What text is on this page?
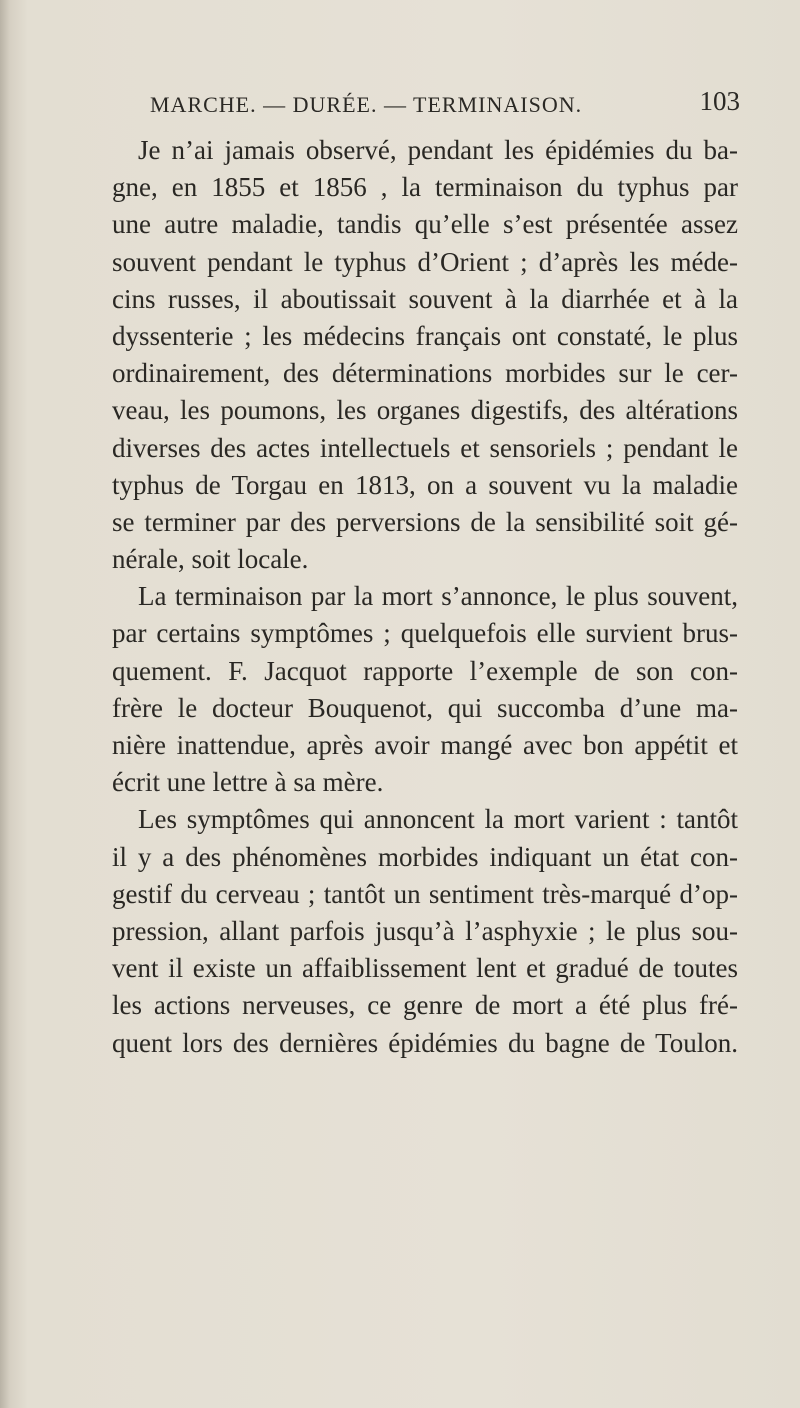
MARCHE. — DURÉE. — TERMINAISON.	103
Je n’ai jamais observé, pendant les épidémies du ba-
gne, en 1855 et 1856 , la terminaison du typhus par
une autre maladie, tandis qu’elle s’est présentée assez
souvent pendant le typhus d’Orient ; d’après les méde-
cins russes, il aboutissait souvent à la diarrhée et à la
dyssenterie ; les médecins français ont constaté, le plus
ordinairement, des déterminations morbides sur le cer-
veau, les poumons, les organes digestifs, des altérations
diverses des actes intellectuels et sensoriels ; pendant le
typhus de Torgau en 1813, on a souvent vu la maladie
se terminer par des perversions de la sensibilité soit gé-
nérale, soit locale.
La terminaison par la mort s’annonce, le plus souvent,
par certains symptômes ; quelquefois elle survient brus-
quement. F. Jacquot rapporte l’exemple de son con-
frère le docteur Bouquenot, qui succomba d’une ma-
nière inattendue, après avoir mangé avec bon appétit et
écrit une lettre à sa mère.
Les symptômes qui annoncent la mort varient : tantôt
il y a des phénomènes morbides indiquant un état con-
gestif du cerveau ; tantôt un sentiment très-marqué d’op-
pression, allant parfois jusqu’à l’asphyxie ; le plus sou-
vent il existe un affaiblissement lent et gradué de toutes
les actions nerveuses, ce genre de mort a été plus fré-
quent lors des dernières épidémies du bagne de Toulon.
